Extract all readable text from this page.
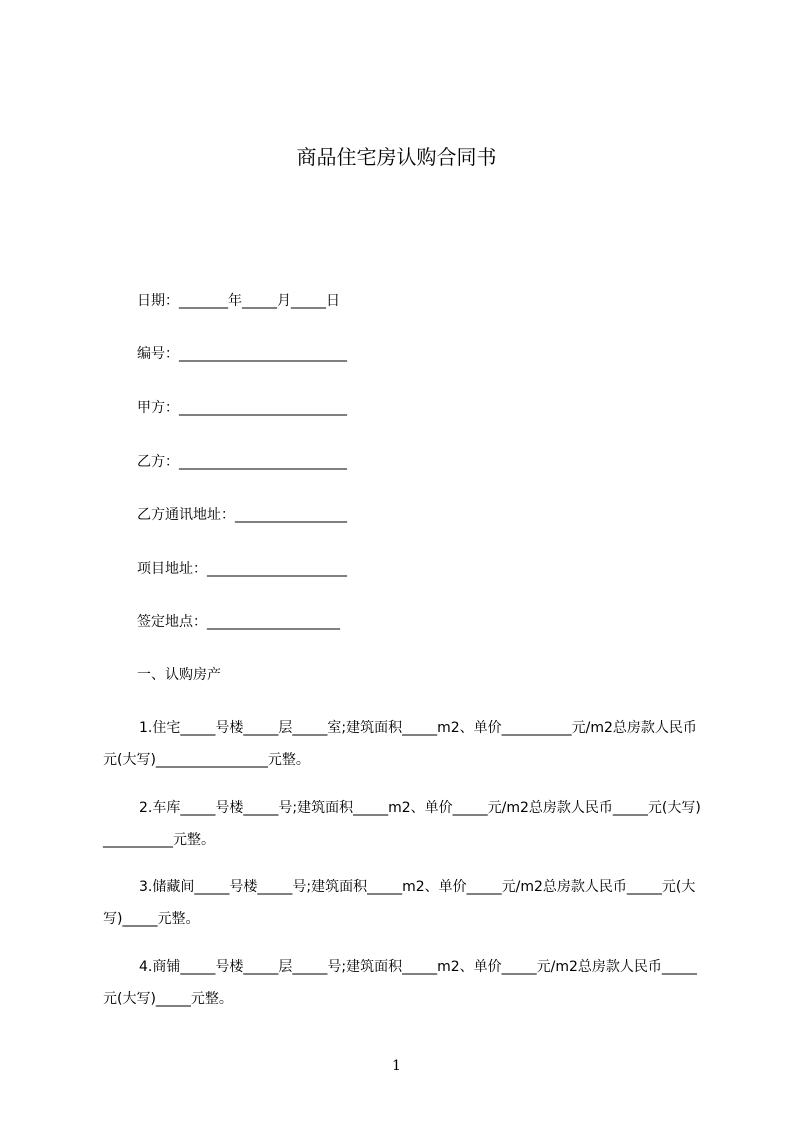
商品住宅房认购合同书
日期：_______年_____月_____日
编号：________________________
甲方：________________________
乙方：________________________
乙方通讯地址：________________
项目地址：____________________
签定地点：___________________
一、认购房产
1.住宅_____号楼_____层_____室;建筑面积_____m2、单价__________元/m2总房款人民币元(大写)________________元整。
2.车库_____号楼_____号;建筑面积_____m2、单价_____元/m2总房款人民币_____元(大写)__________元整。
3.储藏间_____号楼_____号;建筑面积_____m2、单价_____元/m2总房款人民币_____元(大写)_____元整。
4.商铺_____号楼_____层_____号;建筑面积_____m2、单价_____元/m2总房款人民币_____元(大写)_____元整。
1
